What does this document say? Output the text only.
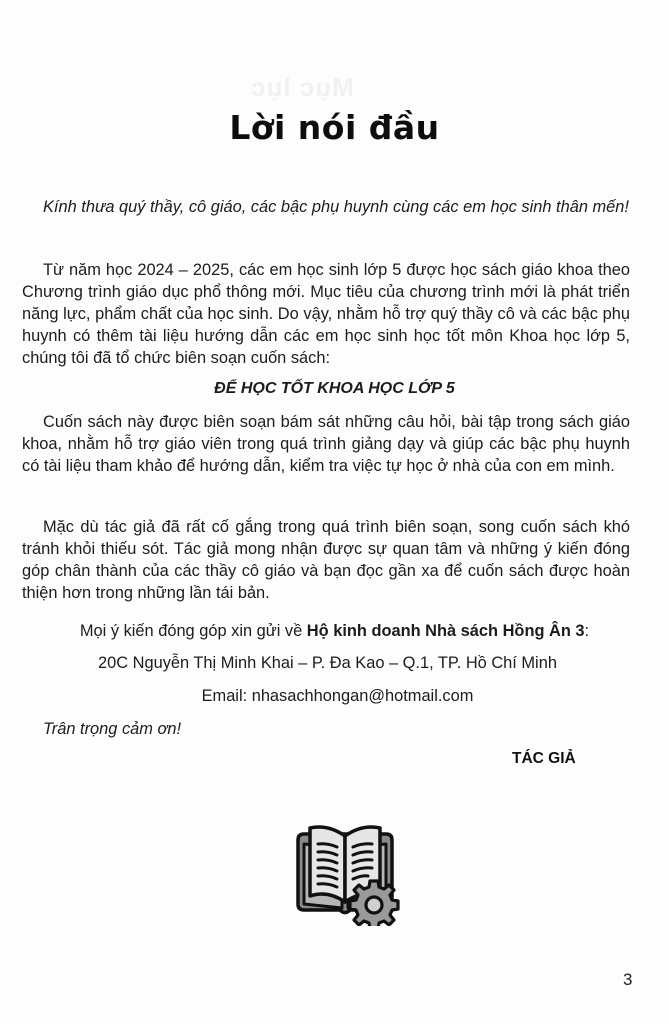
Mục lục
Lời nói đầu
Kính thưa quý thầy, cô giáo, các bậc phụ huynh cùng các em học sinh thân mến!
Từ năm học 2024 – 2025, các em học sinh lớp 5 được học sách giáo khoa theo Chương trình giáo dục phổ thông mới. Mục tiêu của chương trình mới là phát triển năng lực, phẩm chất của học sinh. Do vậy, nhằm hỗ trợ quý thầy cô và các bậc phụ huynh có thêm tài liệu hướng dẫn các em học sinh học tốt môn Khoa học lớp 5, chúng tôi đã tổ chức biên soạn cuốn sách:
ĐỂ HỌC TỐT KHOA HỌC LỚP 5
Cuốn sách này được biên soạn bám sát những câu hỏi, bài tập trong sách giáo khoa, nhằm hỗ trợ giáo viên trong quá trình giảng dạy và giúp các bậc phụ huynh có tài liệu tham khảo để hướng dẫn, kiểm tra việc tự học ở nhà của con em mình.
Mặc dù tác giả đã rất cố gắng trong quá trình biên soạn, song cuốn sách khó tránh khỏi thiếu sót. Tác giả mong nhận được sự quan tâm và những ý kiến đóng góp chân thành của các thầy cô giáo và bạn đọc gần xa để cuốn sách được hoàn thiện hơn trong những lần tái bản.
Mọi ý kiến đóng góp xin gửi về Hộ kinh doanh Nhà sách Hồng Ân 3:
20C Nguyễn Thị Minh Khai – P. Đa Kao – Q.1, TP. Hồ Chí Minh
Email: nhasachhongan@hotmail.com
Trân trọng cảm ơn!
TÁC GIẢ
3
